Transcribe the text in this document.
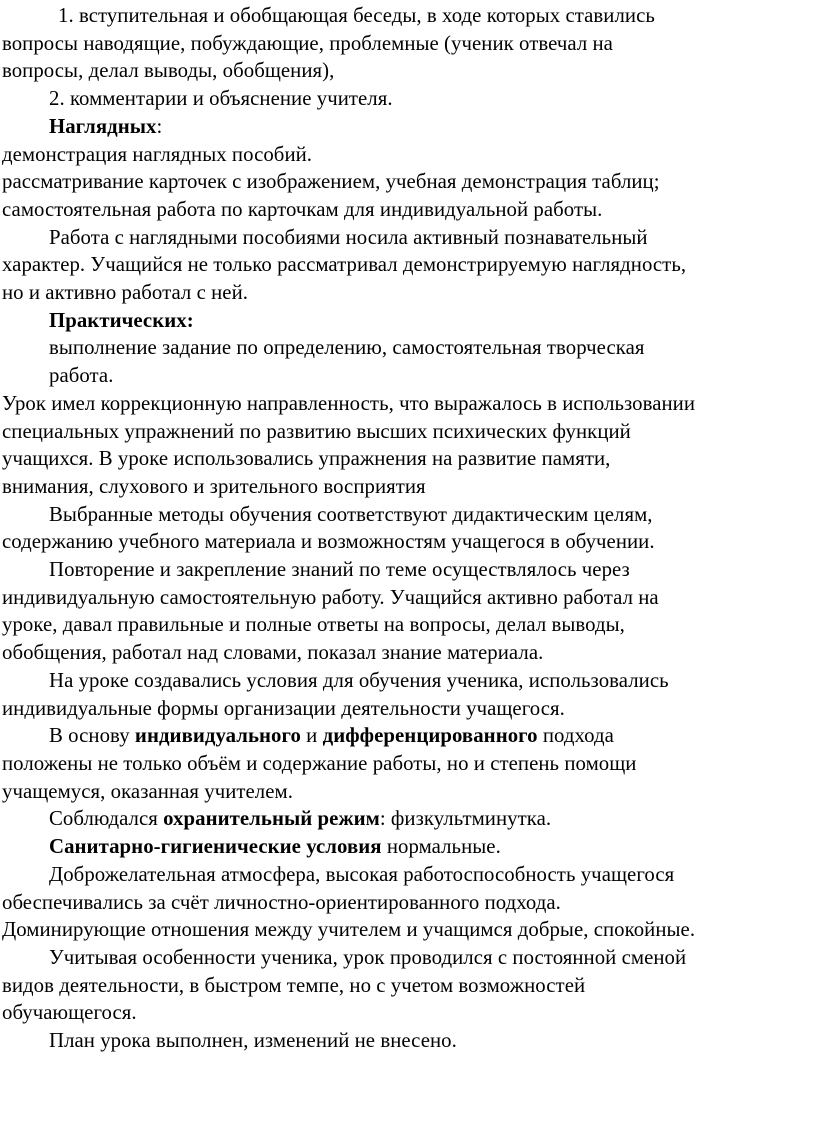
1. вступительная и обобщающая беседы, в ходе которых ставились
вопросы наводящие, побуждающие, проблемные (ученик отвечал на
вопросы, делал выводы, обобщения),

2. комментарии и объяснение учителя.

Наглядных:

демонстрация наглядных пособий.

рассматривание карточек с изображением, учебная демонстрация таблиц;
самостоятельная работа по карточкам для индивидуальной работы.

Работа с наглядными пособиями носила активный познавательный
характер. Учащийся не только рассматривал демонстрируемую наглядность,
но и активно работал с ней.

Практических:

выполнение задание по определению, самостоятельная творческая
работа.

Урок имел коррекционную направленность, что выражалось в использовании
специальных упражнений по развитию высших психических функций
учащихся. В уроке использовались упражнения на развитие памяти,
внимания, слухового и зрительного восприятия

Выбранные методы обучения соответствуют дидактическим целям,
содержанию учебного материала и возможностям учащегося в обучении.

Повторение и закрепление знаний по теме осуществлялось через
индивидуальную самостоятельную работу. Учащийся активно работал на
уроке, давал правильные и полные ответы на вопросы, делал выводы,
обобщения, работал над словами, показал знание материала.

На уроке создавались условия для обучения ученика, использовались
индивидуальные формы организации деятельности учащегося.

В основу индивидуального и дифференцированного подхода
положены не только объём и содержание работы, но и степень помощи
учащемуся, оказанная учителем.

Соблюдался охранительный режим: физкультминутка.

Санитарно-гигиенические условия нормальные.

Доброжелательная атмосфера, высокая работоспособность учащегося
обеспечивались за счёт личностно-ориентированного подхода.
Доминирующие отношения между учителем и учащимся добрые, спокойные.

Учитывая особенности ученика, урок проводился с постоянной сменой
видов деятельности, в быстром темпе, но с учетом возможностей
обучающегося.

План урока выполнен, изменений не внесено.
